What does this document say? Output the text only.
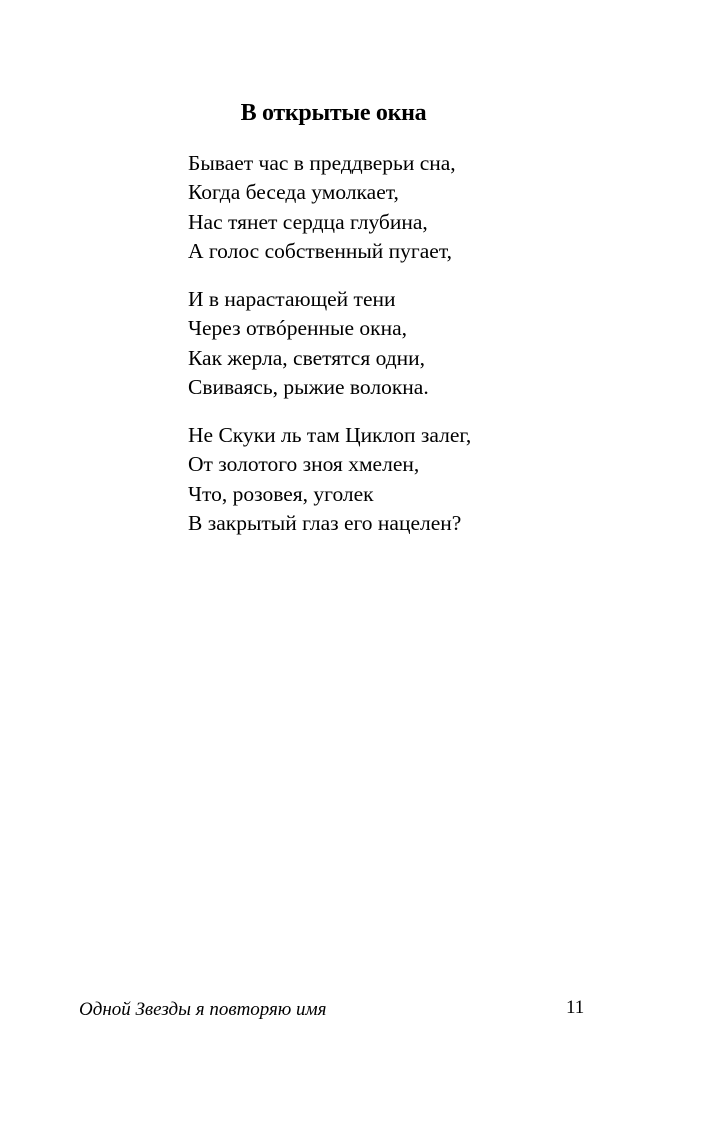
В открытые окна
Бывает час в преддверьи сна,
Когда беседа умолкает,
Нас тянет сердца глубина,
А голос собственный пугает,
И в нарастающей тени
Через отвóренные окна,
Как жерла, светятся одни,
Свиваясь, рыжие волокна.
Не Скуки ль там Циклоп залег,
От золотого зноя хмелен,
Что, розовея, уголек
В закрытый глаз его нацелен?
Одной Звезды я повторяю имя	11
